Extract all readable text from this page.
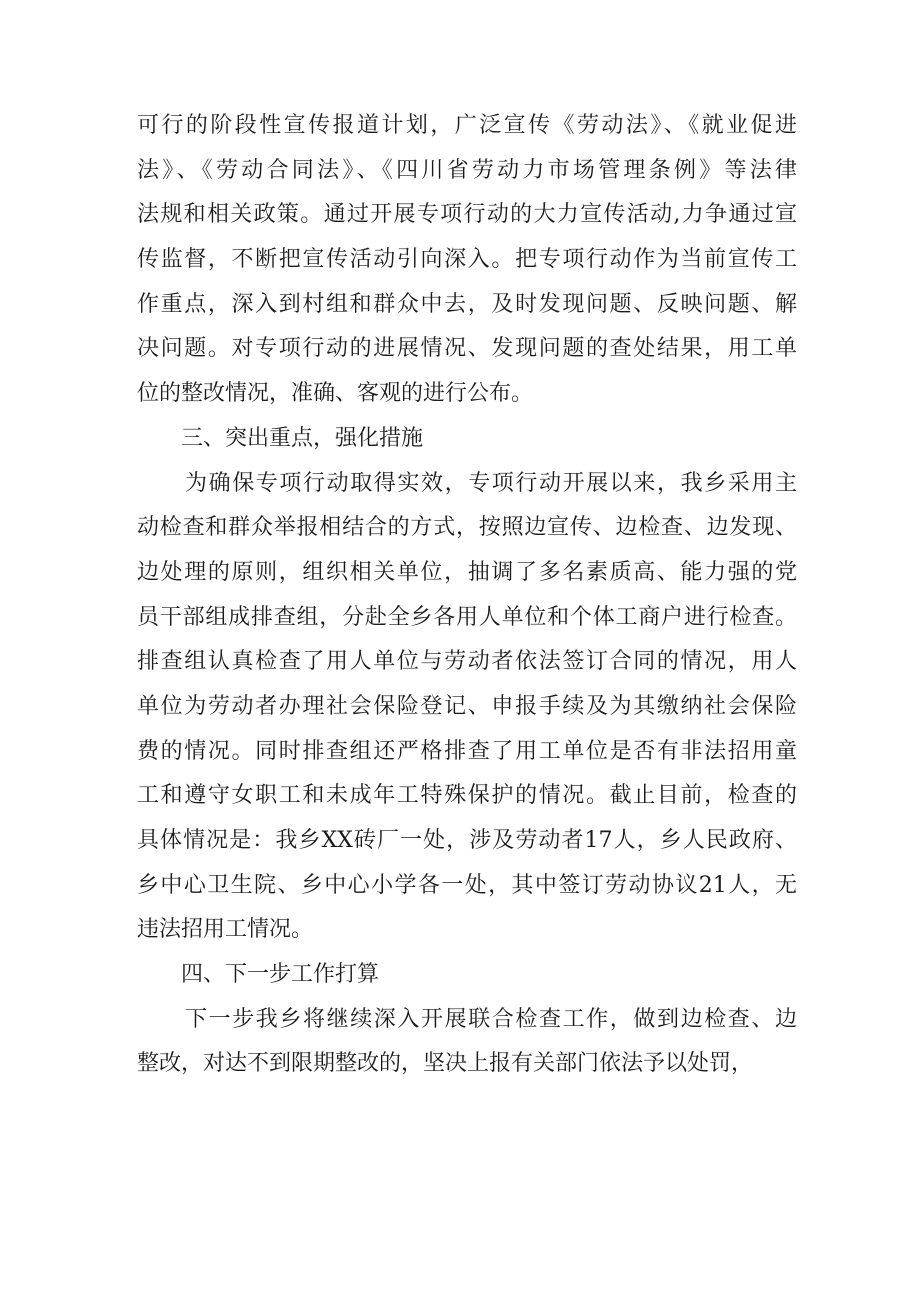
可行的阶段性宣传报道计划，广泛宣传《劳动法》、《就业促进
法》、《劳动合同法》、《四川省劳动力市场管理条例》等法律
法规和相关政策。通过开展专项行动的大力宣传活动,力争通过宣
传监督，不断把宣传活动引向深入。把专项行动作为当前宣传工
作重点，深入到村组和群众中去，及时发现问题、反映问题、解
决问题。对专项行动的进展情况、发现问题的查处结果，用工单
位的整改情况，准确、客观的进行公布。
三、突出重点，强化措施
为确保专项行动取得实效，专项行动开展以来，我乡采用主
动检查和群众举报相结合的方式，按照边宣传、边检查、边发现、
边处理的原则，组织相关单位，抽调了多名素质高、能力强的党
员干部组成排查组，分赴全乡各用人单位和个体工商户进行检查。
排查组认真检查了用人单位与劳动者依法签订合同的情况，用人
单位为劳动者办理社会保险登记、申报手续及为其缴纳社会保险
费的情况。同时排查组还严格排查了用工单位是否有非法招用童
工和遵守女职工和未成年工特殊保护的情况。截止目前，检查的
具体情况是：我乡XX砖厂一处，涉及劳动者17人，乡人民政府、
乡中心卫生院、乡中心小学各一处，其中签订劳动协议21人，无
违法招用工情况。
四、下一步工作打算
下一步我乡将继续深入开展联合检查工作，做到边检查、边
整改，对达不到限期整改的，坚决上报有关部门依法予以处罚，
